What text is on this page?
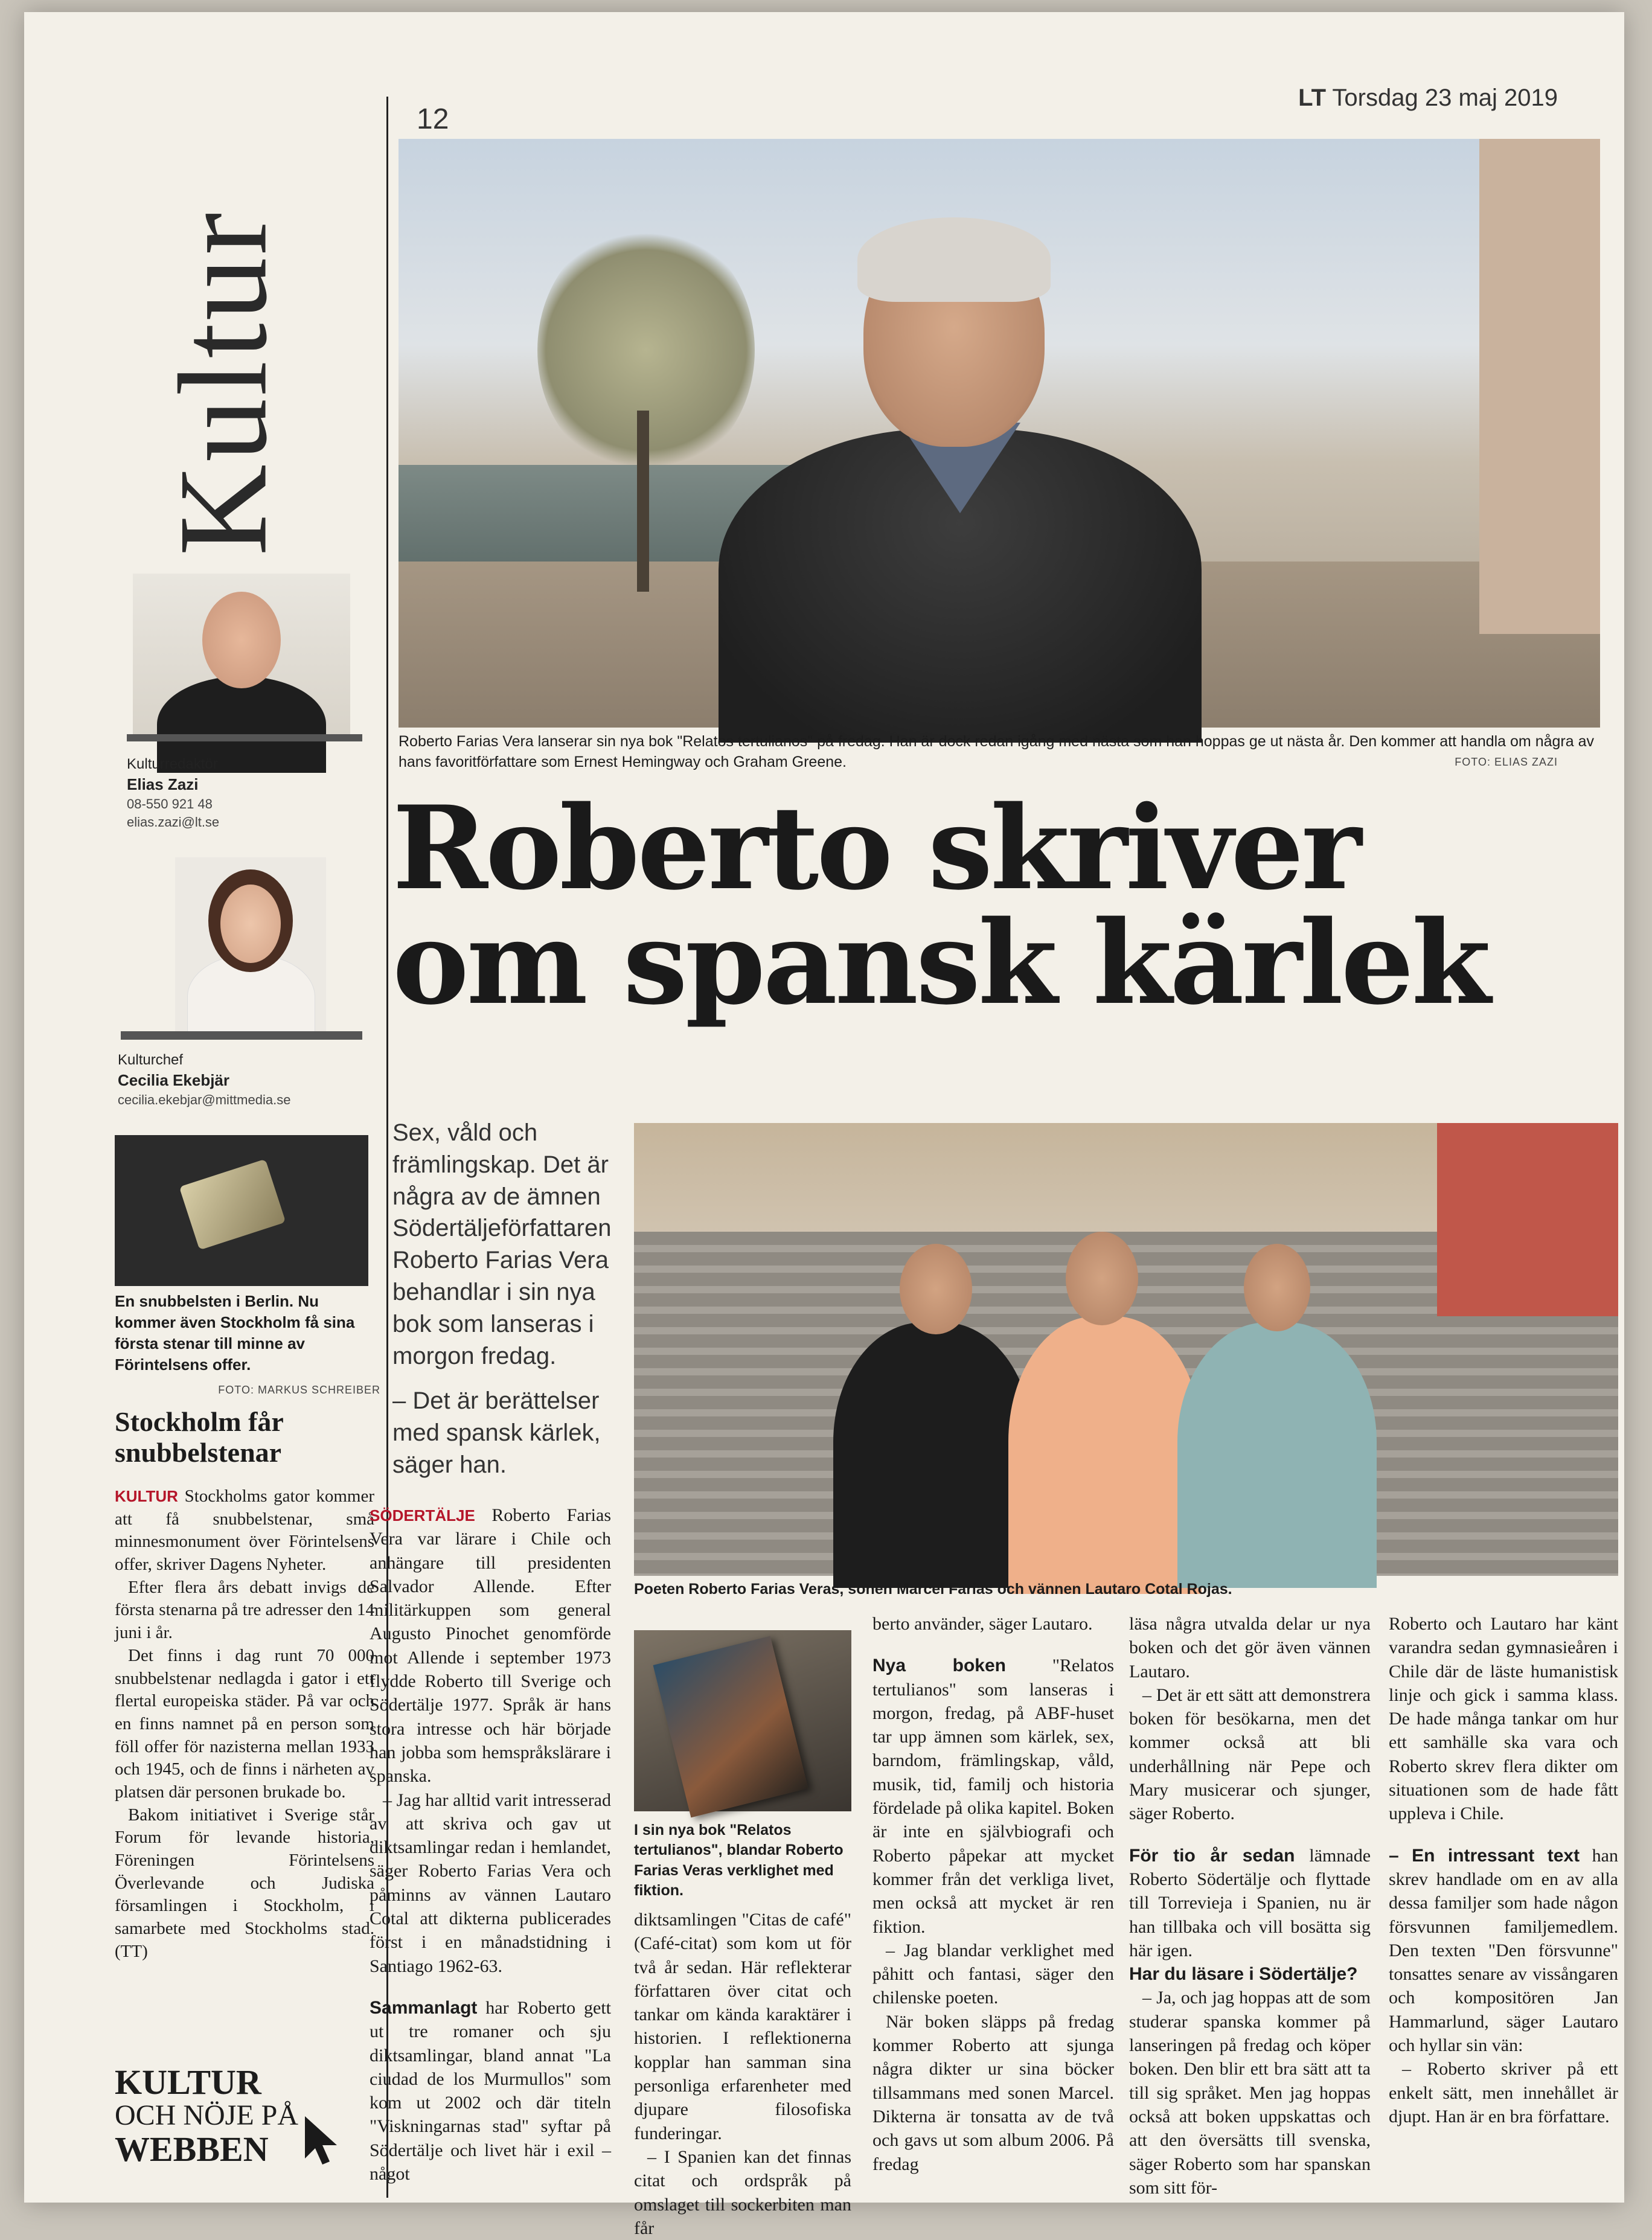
Kultur
Kulturredaktör
Elias Zazi
08-550 921 48
elias.zazi@lt.se
Kulturchef
Cecilia Ekebjär
cecilia.ekebjar@mittmedia.se
En snubbelsten i Berlin. Nu kommer även Stockholm få sina första stenar till minne av Förintelsens offer.
FOTO: MARKUS SCHREIBER
Stockholm får snubbelstenar
KULTUR Stockholms gator kommer att få snubbelstenar, små minnesmonument över Förintelsens offer, skriver Dagens Nyheter.
Efter flera års debatt invigs de första stenarna på tre adresser den 14 juni i år.
Det finns i dag runt 70 000 snubbelstenar nedlagda i gator i ett flertal europeiska städer. På var och en finns namnet på en person som föll offer för nazisterna mellan 1933 och 1945, och de finns i närheten av platsen där personen brukade bo.
Bakom initiativet i Sverige står Forum för levande historia, Föreningen Förintelsens Överlevande och Judiska församlingen i Stockholm, i samarbete med Stockholms stad. (TT)
KULTUR
OCH NÖJE PÅ
WEBBEN
12
LT Torsdag 23 maj 2019
Roberto Farias Vera lanserar sin nya bok "Relatos tertulianos" på fredag. Han är dock redan igång med nästa som han hoppas ge ut nästa år. Den kommer att handla om några av hans favoritförfattare som Ernest Hemingway och Graham Greene.	FOTO: ELIAS ZAZI
Roberto skriver
om spansk kärlek

Sex, våld och främlingskap. Det är några av de ämnen Södertäljeförfattaren Roberto Farias Vera behandlar i sin nya bok som lanseras i morgon fredag.

– Det är berättelser med spansk kärlek, säger han.

Poeten Roberto Farias Veras, sonen Marcel Farias och vännen Lautaro Cotal Rojas.
I sin nya bok "Relatos tertulianos", blandar Roberto Farias Veras verklighet med fiktion.

SÖDERTÄLJE Roberto Farias Vera var lärare i Chile och anhängare till presidenten Salvador Allende. Efter militärkuppen som general Augusto Pinochet genomförde mot Allende i september 1973 flydde Roberto till Sverige och Södertälje 1977. Språk är hans stora intresse och här började han jobba som hemspråkslärare i spanska.

– Jag har alltid varit intresserad av att skriva och gav ut diktsamlingar redan i hemlandet, säger Roberto Farias Vera och påminns av vännen Lautaro Cotal att dikterna publicerades först i en månadstidning i Santiago 1962-63.

Sammanlagt har Roberto gett ut tre romaner och sju diktsamlingar, bland annat "La ciudad de los Murmullos" som kom ut 2002 och där titeln "Viskningarnas stad" syftar på Södertälje och livet här i exil – något

diktsamlingen "Citas de café" (Café-citat) som kom ut för två år sedan. Här reflekterar författaren över citat och tankar om kända karaktärer i historien. I reflektionerna kopplar han samman sina personliga erfarenheter med djupare filosofiska funderingar.

– I Spanien kan det finnas citat och ordspråk på omslaget till sockerbiten man får

berto använder, säger Lautaro.

Nya boken	"Relatos tertulianos" som lanseras i morgon, fredag, på ABF-huset tar upp ämnen som kärlek, sex, barndom, främlingskap, våld, musik, tid, familj och historia fördelade på olika kapitel. Boken är inte en självbiografi och Roberto påpekar att mycket kommer från det verkliga livet, men också att mycket är ren fiktion.

– Jag blandar verklighet med påhitt och fantasi, säger den chilenske poeten.

När boken släpps på fredag kommer Roberto att sjunga några dikter ur sina böcker tillsammans med sonen Marcel. Dikterna är tonsatta av de två och gavs ut som album 2006. På fredag

läsa några utvalda delar ur nya boken och det gör även vännen Lautaro.

– Det är ett sätt att demonstrera boken för besökarna, men det kommer också att bli underhållning när Pepe och Mary musicerar och sjunger, säger Roberto.

För tio år sedan lämnade Roberto Södertälje och flyttade till Torrevieja i Spanien, nu är han tillbaka och vill bosätta sig här igen.

Har du läsare i Södertälje?

– Ja, och jag hoppas att de som studerar spanska kommer på lanseringen på fredag och köper boken. Den blir ett bra sätt att ta till sig språket. Men jag hoppas också att boken uppskattas och att den översätts till svenska, säger Roberto som har spanskan som sitt för-

Roberto och Lautaro har känt varandra sedan gymnasieåren i Chile där de läste humanistisk linje och gick i samma klass. De hade många tankar om hur ett samhälle ska vara och Roberto skrev flera dikter om situationen som de hade fått uppleva i Chile.

– En intressant text han skrev handlade om en av alla dessa familjer som hade någon försvunnen familjemedlem. Den texten "Den försvunne" tonsattes senare av vissångaren och kompositören Jan Hammarlund, säger Lautaro och hyllar sin vän:

– Roberto skriver på ett enkelt sätt, men innehållet är djupt. Han är en bra författare.
